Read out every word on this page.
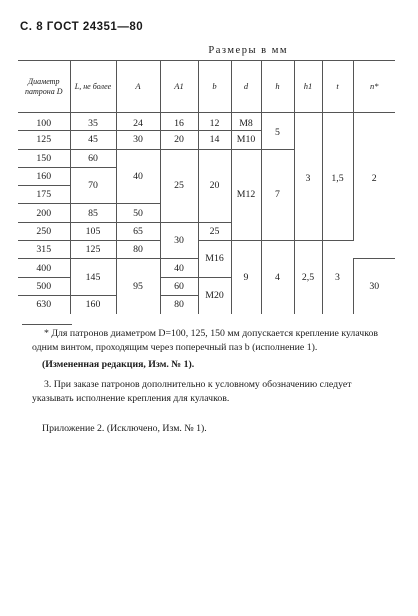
С. 8 ГОСТ 24351—80
Размеры в мм
Диаметр патрона D	L, не более	A	A1	b	d	h	h1	t	n*
100	35	24	16	12	M8	5	3	1,5	2
125	45	30	20	14	M10				
150	60	40	25	20	M12	7			
160	70								
175									
200	85	50							
250	105	65	30	25					
315	125	80		M16	9	4	2,5	3	
400	145	95	40						30
500			60	M20					
630	160		80						
* Для патронов диаметром D=100, 125, 150 мм допускается крепление кулачков одним винтом, проходящим через поперечный паз b (исполнение 1).
(Измененная редакция, Изм. № 1).
3. При заказе патронов дополнительно к условному обозначению следует указывать исполнение крепления для кулачков.
Приложение 2. (Исключено, Изм. № 1).
